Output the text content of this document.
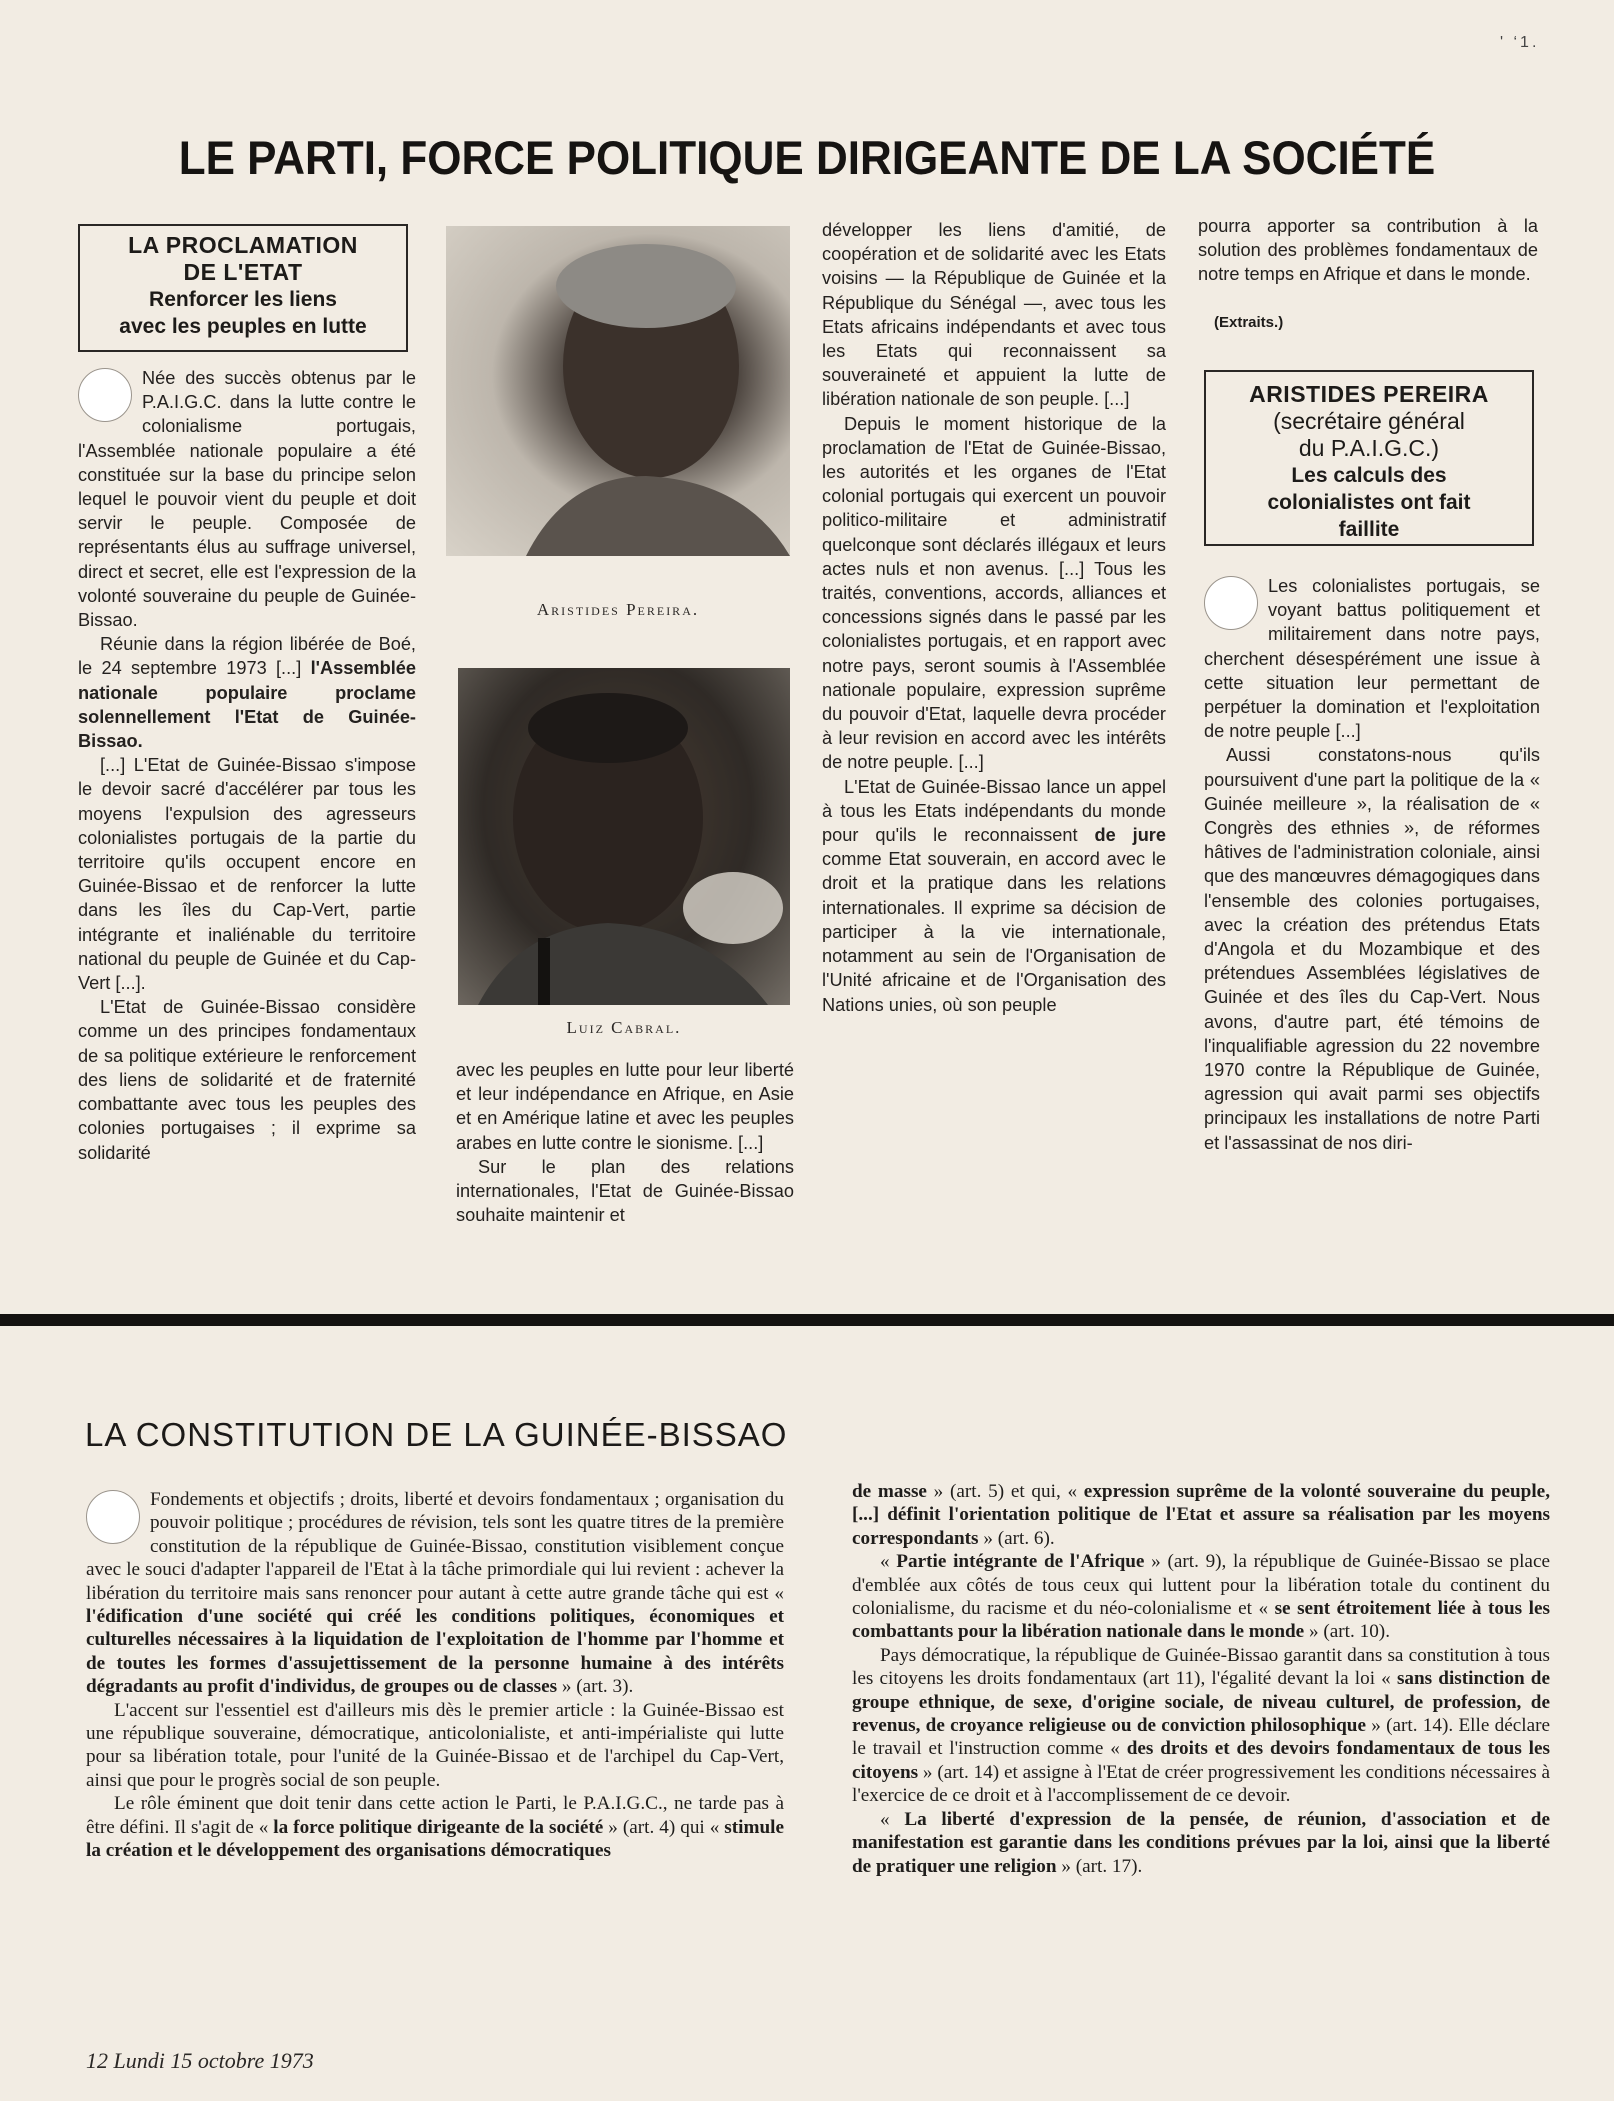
' ‘1.
LE PARTI, FORCE POLITIQUE DIRIGEANTE DE LA SOCIÉTÉ
LA PROCLAMATION
DE L'ETAT
Renforcer les liens
avec les peuples en lutte

Née des succès obtenus par le P.A.I.G.C. dans la lutte contre le colonialisme portugais, l'Assemblée nationale populaire a été constituée sur la base du principe selon lequel le pouvoir vient du peuple et doit servir le peuple. Composée de représentants élus au suffrage universel, direct et secret, elle est l'expression de la volonté souveraine du peuple de Guinée-Bissao.

Réunie dans la région libérée de Boé, le 24 septembre 1973 [...] l'Assemblée nationale populaire proclame solennellement l'Etat de Guinée-Bissao.

[...] L'Etat de Guinée-Bissao s'impose le devoir sacré d'accélérer par tous les moyens l'expulsion des agresseurs colonialistes portugais de la partie du territoire qu'ils occupent encore en Guinée-Bissao et de renforcer la lutte dans les îles du Cap-Vert, partie intégrante et inaliénable du territoire national du peuple de Guinée et du Cap-Vert [...].

L'Etat de Guinée-Bissao considère comme un des principes fondamentaux de sa politique extérieure le renforcement des liens de solidarité et de fraternité combattante avec tous les peuples des colonies portugaises ; il exprime sa solidarité

Aristides Pereira.
Luiz Cabral.

avec les peuples en lutte pour leur liberté et leur indépendance en Afrique, en Asie et en Amérique latine et avec les peuples arabes en lutte contre le sionisme. [...]

Sur le plan des relations internationales, l'Etat de Guinée-Bissao souhaite maintenir et

développer les liens d'amitié, de coopération et de solidarité avec les Etats voisins — la République de Guinée et la République du Sénégal —, avec tous les Etats africains indépendants et avec tous les Etats qui reconnaissent sa souveraineté et appuient la lutte de libération nationale de son peuple. [...]

Depuis le moment historique de la proclamation de l'Etat de Guinée-Bissao, les autorités et les organes de l'Etat colonial portugais qui exercent un pouvoir politico-militaire et administratif quelconque sont déclarés illégaux et leurs actes nuls et non avenus. [...] Tous les traités, conventions, accords, alliances et concessions signés dans le passé par les colonialistes portugais, et en rapport avec notre pays, seront soumis à l'Assemblée nationale populaire, expression suprême du pouvoir d'Etat, laquelle devra procéder à leur revision en accord avec les intérêts de notre peuple. [...]

L'Etat de Guinée-Bissao lance un appel à tous les Etats indépendants du monde pour qu'ils le reconnaissent de jure comme Etat souverain, en accord avec le droit et la pratique dans les relations internationales. Il exprime sa décision de participer à la vie internationale, notamment au sein de l'Organisation de l'Unité africaine et de l'Organisation des Nations unies, où son peuple

pourra apporter sa contribution à la solution des problèmes fondamentaux de notre temps en Afrique et dans le monde.

(Extraits.)
ARISTIDES PEREIRA
(secrétaire général
du P.A.I.G.C.)
Les calculs des
colonialistes ont fait
faillite

Les colonialistes portugais, se voyant battus politiquement et militairement dans notre pays, cherchent désespérément une issue à cette situation leur permettant de perpétuer la domination et l'exploitation de notre peuple [...]

Aussi constatons-nous qu'ils poursuivent d'une part la politique de la « Guinée meilleure », la réalisation de « Congrès des ethnies », de réformes hâtives de l'administration coloniale, ainsi que des manœuvres démagogiques dans l'ensemble des colonies portugaises, avec la création des prétendus Etats d'Angola et du Mozambique et des prétendues Assemblées législatives de Guinée et des îles du Cap-Vert. Nous avons, d'autre part, été témoins de l'inqualifiable agression du 22 novembre 1970 contre la République de Guinée, agression qui avait parmi ses objectifs principaux les installations de notre Parti et l'assassinat de nos diri-

LA CONSTITUTION DE LA GUINÉE-BISSAO

Fondements et objectifs ; droits, liberté et devoirs fondamentaux ; organisation du pouvoir politique ; procédures de révision, tels sont les quatre titres de la première constitution de la république de Guinée-Bissao, constitution visiblement conçue avec le souci d'adapter l'appareil de l'Etat à la tâche primordiale qui lui revient : achever la libération du territoire mais sans renoncer pour autant à cette autre grande tâche qui est « l'édification d'une société qui créé les conditions politiques, économiques et culturelles nécessaires à la liquidation de l'exploitation de l'homme par l'homme et de toutes les formes d'assujettissement de la personne humaine à des intérêts dégradants au profit d'individus, de groupes ou de classes » (art. 3).

L'accent sur l'essentiel est d'ailleurs mis dès le premier article : la Guinée-Bissao est une république souveraine, démocratique, anticolonialiste, et anti-impérialiste qui lutte pour sa libération totale, pour l'unité de la Guinée-Bissao et de l'archipel du Cap-Vert, ainsi que pour le progrès social de son peuple.

Le rôle éminent que doit tenir dans cette action le Parti, le P.A.I.G.C., ne tarde pas à être défini. Il s'agit de « la force politique dirigeante de la société » (art. 4) qui « stimule la création et le développement des organisations démocratiques

de masse » (art. 5) et qui, « expression suprême de la volonté souveraine du peuple, [...] définit l'orientation politique de l'Etat et assure sa réalisation par les moyens correspondants » (art. 6).

« Partie intégrante de l'Afrique » (art. 9), la république de Guinée-Bissao se place d'emblée aux côtés de tous ceux qui luttent pour la libération totale du continent du colonialisme, du racisme et du néo-colonialisme et « se sent étroitement liée à tous les combattants pour la libération nationale dans le monde » (art. 10).

Pays démocratique, la république de Guinée-Bissao garantit dans sa constitution à tous les citoyens les droits fondamentaux (art 11), l'égalité devant la loi « sans distinction de groupe ethnique, de sexe, d'origine sociale, de niveau culturel, de profession, de revenus, de croyance religieuse ou de conviction philosophique » (art. 14). Elle déclare le travail et l'instruction comme « des droits et des devoirs fondamentaux de tous les citoyens » (art. 14) et assigne à l'Etat de créer progressivement les conditions nécessaires à l'exercice de ce droit et à l'accomplissement de ce devoir.

« La liberté d'expression de la pensée, de réunion, d'association et de manifestation est garantie dans les conditions prévues par la loi, ainsi que la liberté de pratiquer une religion » (art. 17).

12 Lundi 15 octobre 1973
